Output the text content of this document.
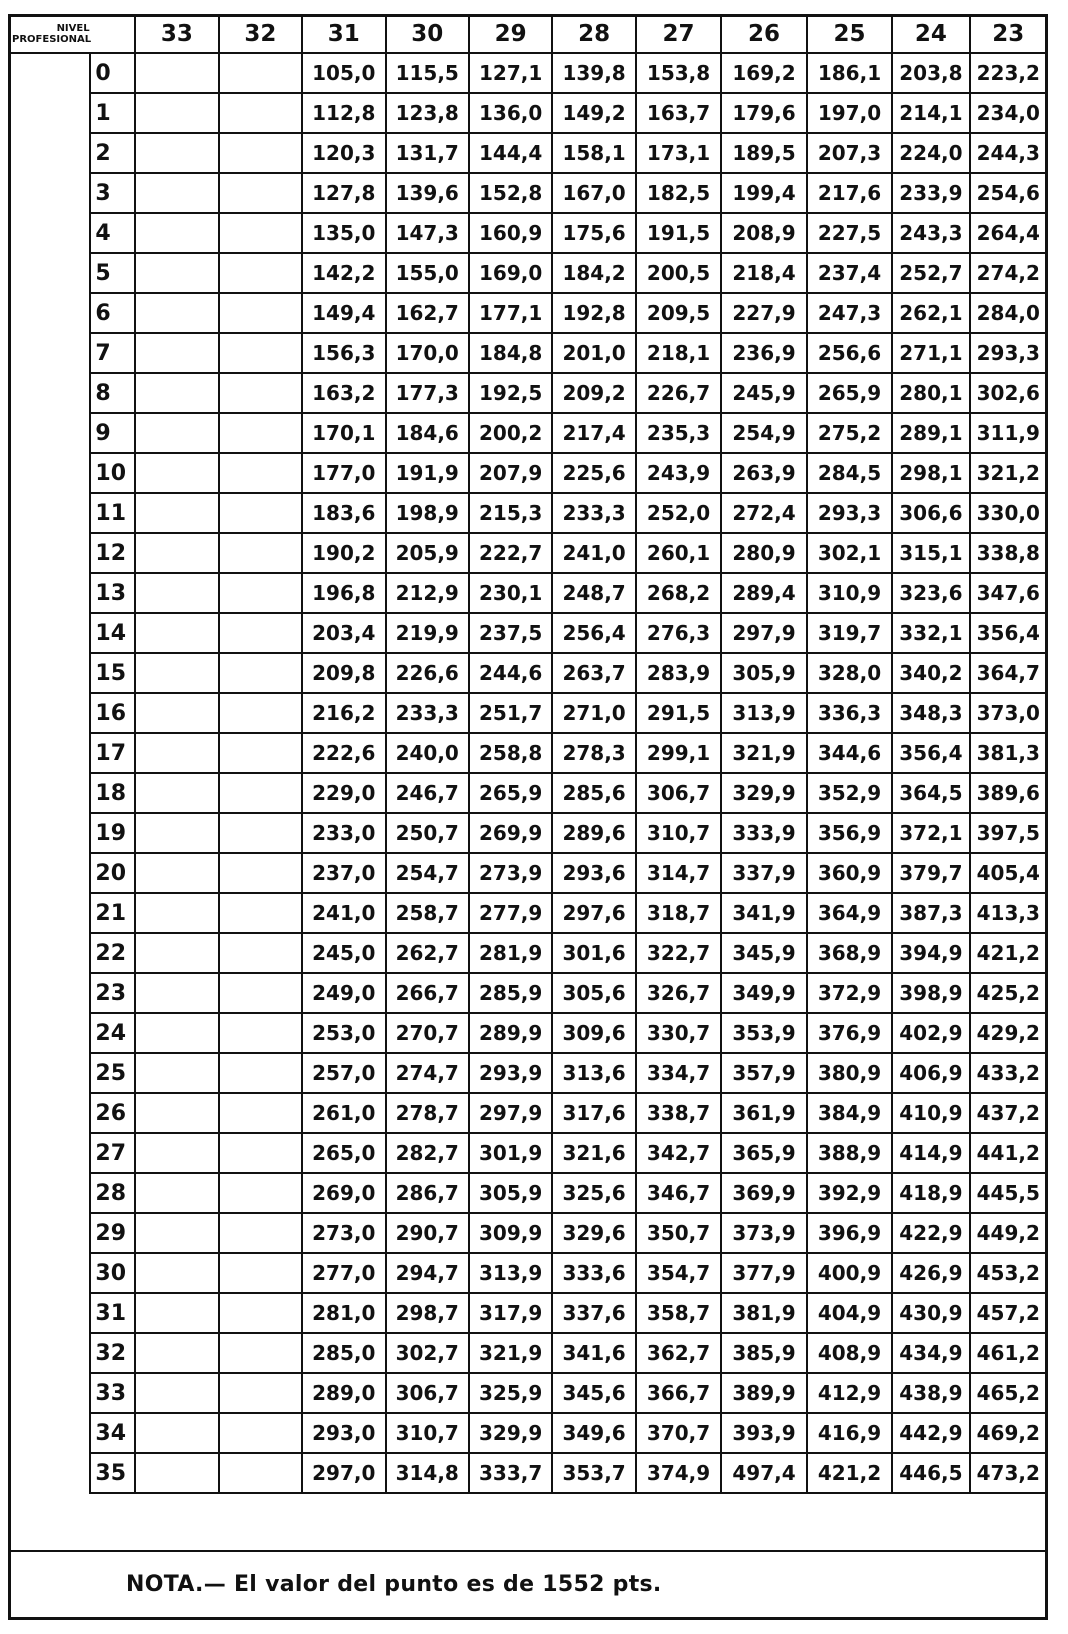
NIVEL
PROFESIONAL		33	32	31	30	29	28	27	26	25	24	23
	0			105,0	115,5	127,1	139,8	153,8	169,2	186,1	203,8	223,2
	1			112,8	123,8	136,0	149,2	163,7	179,6	197,0	214,1	234,0
	2			120,3	131,7	144,4	158,1	173,1	189,5	207,3	224,0	244,3
	3			127,8	139,6	152,8	167,0	182,5	199,4	217,6	233,9	254,6
	4			135,0	147,3	160,9	175,6	191,5	208,9	227,5	243,3	264,4
	5			142,2	155,0	169,0	184,2	200,5	218,4	237,4	252,7	274,2
	6			149,4	162,7	177,1	192,8	209,5	227,9	247,3	262,1	284,0
	7			156,3	170,0	184,8	201,0	218,1	236,9	256,6	271,1	293,3
	8			163,2	177,3	192,5	209,2	226,7	245,9	265,9	280,1	302,6
	9			170,1	184,6	200,2	217,4	235,3	254,9	275,2	289,1	311,9
	10			177,0	191,9	207,9	225,6	243,9	263,9	284,5	298,1	321,2
	11			183,6	198,9	215,3	233,3	252,0	272,4	293,3	306,6	330,0
	12			190,2	205,9	222,7	241,0	260,1	280,9	302,1	315,1	338,8
	13			196,8	212,9	230,1	248,7	268,2	289,4	310,9	323,6	347,6
	14			203,4	219,9	237,5	256,4	276,3	297,9	319,7	332,1	356,4
	15			209,8	226,6	244,6	263,7	283,9	305,9	328,0	340,2	364,7
	16			216,2	233,3	251,7	271,0	291,5	313,9	336,3	348,3	373,0
	17			222,6	240,0	258,8	278,3	299,1	321,9	344,6	356,4	381,3
	18			229,0	246,7	265,9	285,6	306,7	329,9	352,9	364,5	389,6
	19			233,0	250,7	269,9	289,6	310,7	333,9	356,9	372,1	397,5
	20			237,0	254,7	273,9	293,6	314,7	337,9	360,9	379,7	405,4
	21			241,0	258,7	277,9	297,6	318,7	341,9	364,9	387,3	413,3
	22			245,0	262,7	281,9	301,6	322,7	345,9	368,9	394,9	421,2
	23			249,0	266,7	285,9	305,6	326,7	349,9	372,9	398,9	425,2
	24			253,0	270,7	289,9	309,6	330,7	353,9	376,9	402,9	429,2
	25			257,0	274,7	293,9	313,6	334,7	357,9	380,9	406,9	433,2
	26			261,0	278,7	297,9	317,6	338,7	361,9	384,9	410,9	437,2
	27			265,0	282,7	301,9	321,6	342,7	365,9	388,9	414,9	441,2
	28			269,0	286,7	305,9	325,6	346,7	369,9	392,9	418,9	445,5
	29			273,0	290,7	309,9	329,6	350,7	373,9	396,9	422,9	449,2
	30			277,0	294,7	313,9	333,6	354,7	377,9	400,9	426,9	453,2
	31			281,0	298,7	317,9	337,6	358,7	381,9	404,9	430,9	457,2
	32			285,0	302,7	321,9	341,6	362,7	385,9	408,9	434,9	461,2
	33			289,0	306,7	325,9	345,6	366,7	389,9	412,9	438,9	465,2
	34			293,0	310,7	329,9	349,6	370,7	393,9	416,9	442,9	469,2
	35			297,0	314,8	333,7	353,7	374,9	497,4	421,2	446,5	473,2
NOTA.— El valor del punto es de 1552 pts.
